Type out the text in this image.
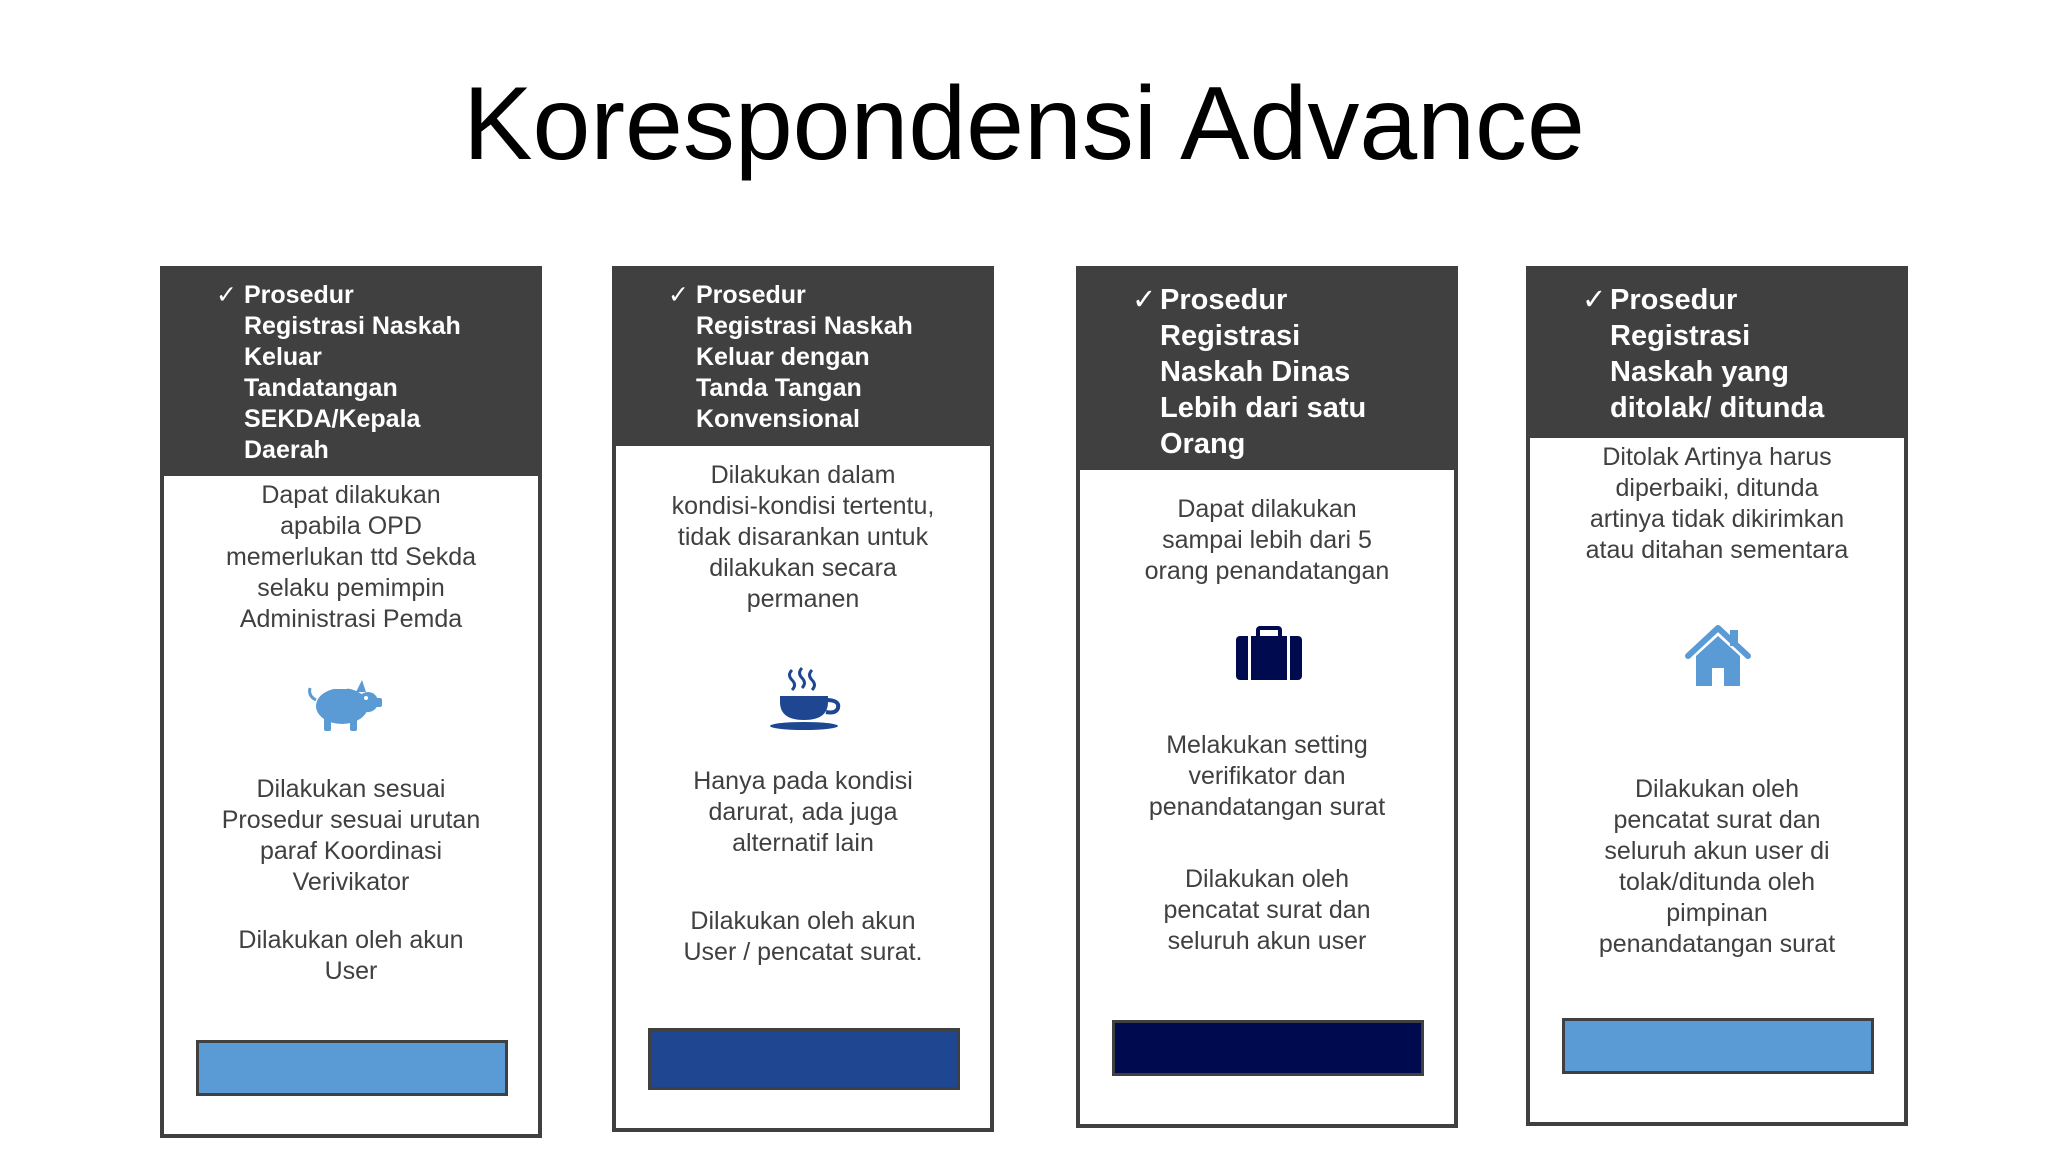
Korespondensi Advance
✓ Prosedur
Registrasi Naskah
Keluar
Tandatangan
SEKDA/Kepala
Daerah
Dapat dilakukan
apabila OPD
memerlukan ttd Sekda
selaku pemimpin
Administrasi Pemda
Dilakukan sesuai
Prosedur sesuai urutan
paraf Koordinasi
Verivikator
Dilakukan oleh akun
User
✓ Prosedur
Registrasi Naskah
Keluar dengan
Tanda Tangan
Konvensional
Dilakukan dalam
kondisi-kondisi tertentu,
tidak disarankan untuk
dilakukan secara
permanen
Hanya pada kondisi
darurat, ada juga
alternatif lain
Dilakukan oleh akun
User / pencatat surat.
✓ Prosedur
Registrasi
Naskah Dinas
Lebih dari satu
Orang
Dapat dilakukan
sampai lebih dari 5
orang penandatangan
Melakukan setting
verifikator dan
penandatangan surat
Dilakukan oleh
pencatat surat dan
seluruh akun user
✓ Prosedur
Registrasi
Naskah yang
ditolak/ ditunda
Ditolak Artinya harus
diperbaiki, ditunda
artinya tidak dikirimkan
atau ditahan sementara
Dilakukan oleh
pencatat surat dan
seluruh akun user di
tolak/ditunda oleh
pimpinan
penandatangan surat
